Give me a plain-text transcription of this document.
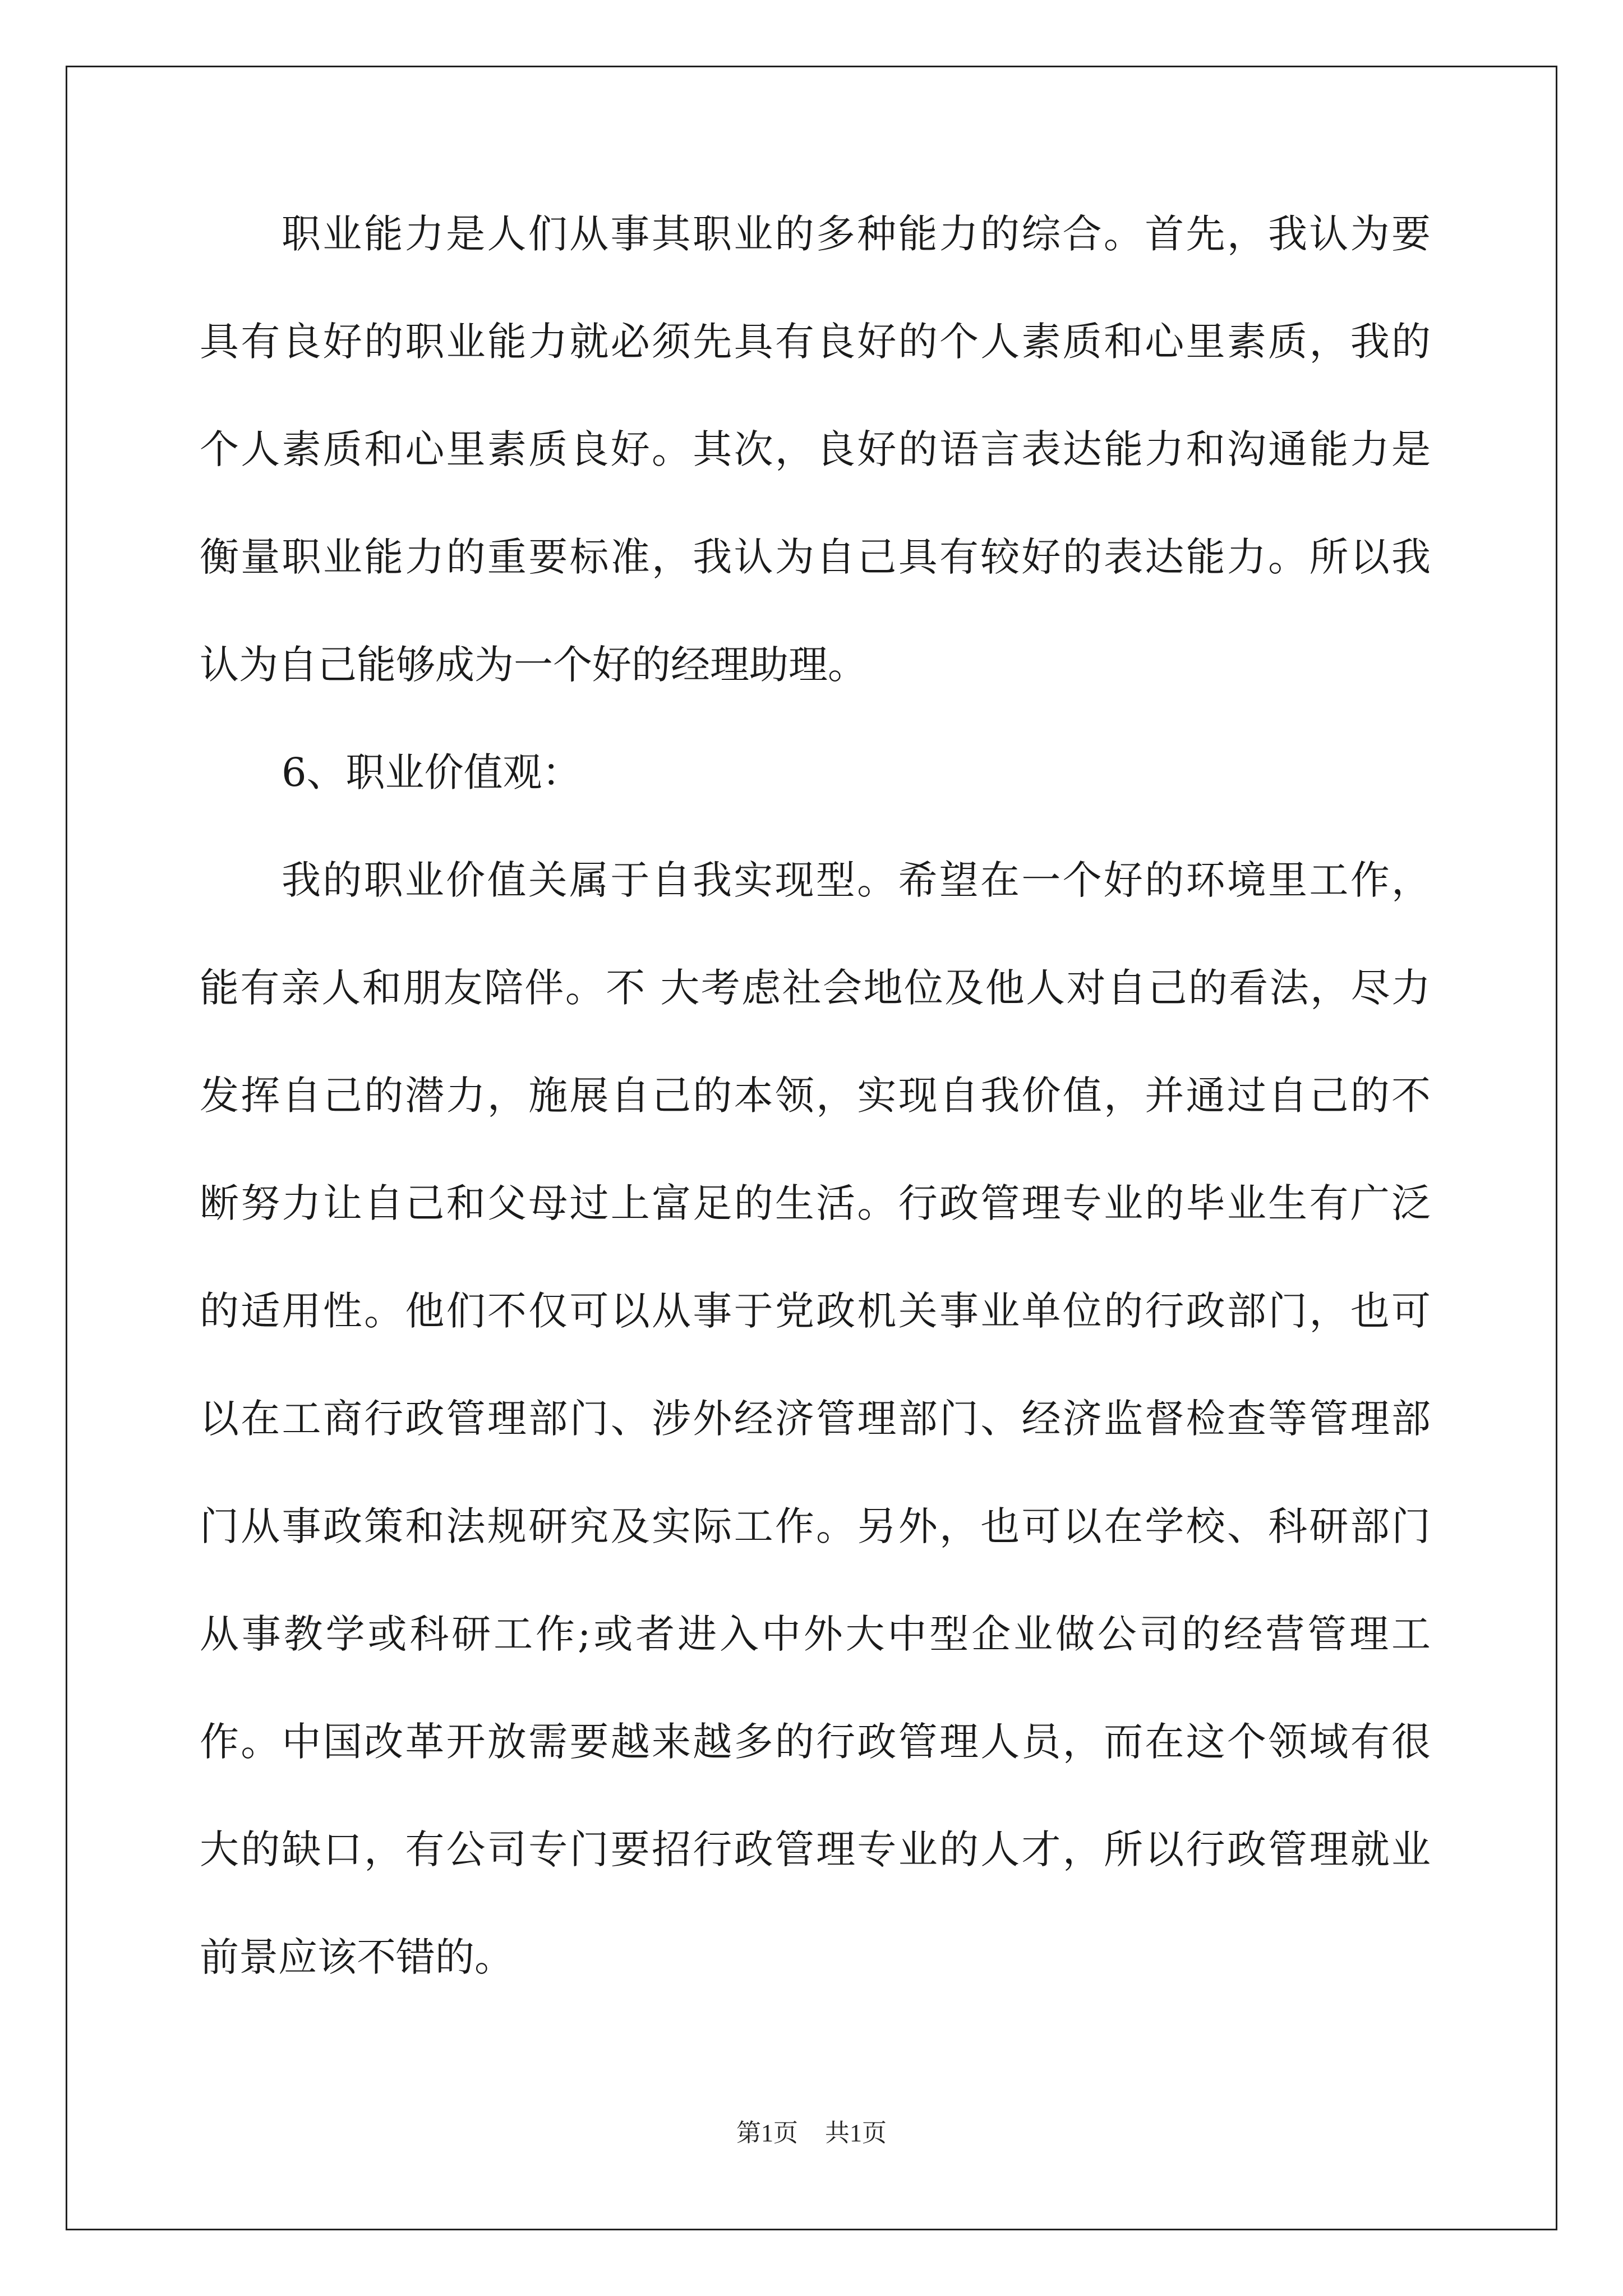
职业能力是人们从事其职业的多种能力的综合。首先，我认为要
具有良好的职业能力就必须先具有良好的个人素质和心里素质，我的
个人素质和心里素质良好。其次，良好的语言表达能力和沟通能力是
衡量职业能力的重要标准，我认为自己具有较好的表达能力。所以我
认为自己能够成为一个好的经理助理。
6、职业价值观：
我的职业价值关属于自我实现型。希望在一个好的环境里工作，
能有亲人和朋友陪伴。不 大考虑社会地位及他人对自己的看法，尽力
发挥自己的潜力，施展自己的本领，实现自我价值，并通过自己的不
断努力让自己和父母过上富足的生活。行政管理专业的毕业生有广泛
的适用性。他们不仅可以从事于党政机关事业单位的行政部门，也可
以在工商行政管理部门、涉外经济管理部门、经济监督检查等管理部
门从事政策和法规研究及实际工作。另外，也可以在学校、科研部门
从事教学或科研工作;或者进入中外大中型企业做公司的经营管理工
作。中国改革开放需要越来越多的行政管理人员，而在这个领域有很
大的缺口，有公司专门要招行政管理专业的人才，所以行政管理就业
前景应该不错的。
第1页 共1页
